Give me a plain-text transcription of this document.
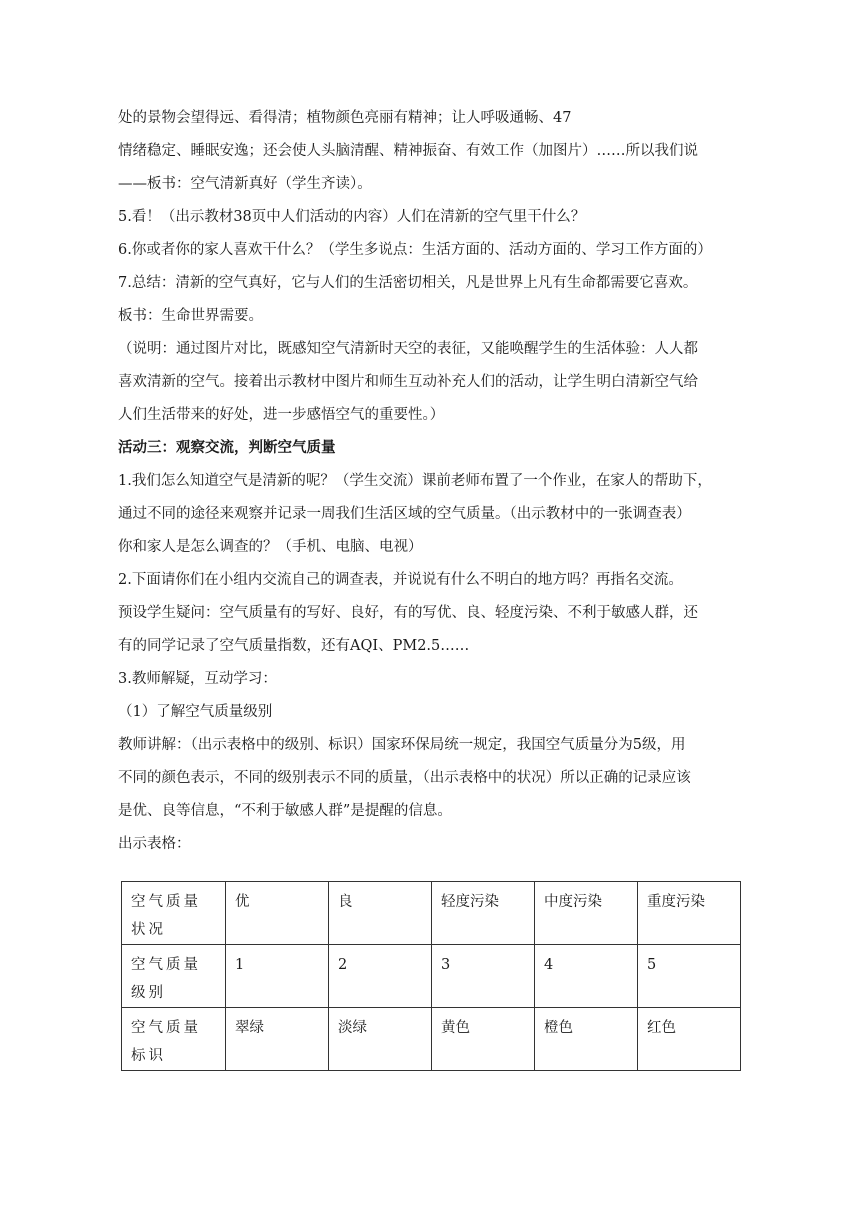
处的景物会望得远、看得清；植物颜色亮丽有精神；让人呼吸通畅、47

情绪稳定、睡眠安逸；还会使人头脑清醒、精神振奋、有效工作（加图片）……所以我们说

——板书：空气清新真好（学生齐读）。

5.看！（出示教材38页中人们活动的内容）人们在清新的空气里干什么？

6.你或者你的家人喜欢干什么？（学生多说点：生活方面的、活动方面的、学习工作方面的）

7.总结：清新的空气真好，它与人们的生活密切相关，凡是世界上凡有生命都需要它喜欢。

板书：生命世界需要。

（说明：通过图片对比，既感知空气清新时天空的表征，又能唤醒学生的生活体验：人人都

喜欢清新的空气。接着出示教材中图片和师生互动补充人们的活动，让学生明白清新空气给

人们生活带来的好处，进一步感悟空气的重要性。）

活动三：观察交流，判断空气质量

1.我们怎么知道空气是清新的呢？（学生交流）课前老师布置了一个作业，在家人的帮助下，

通过不同的途径来观察并记录一周我们生活区域的空气质量。（出示教材中的一张调查表）

你和家人是怎么调查的？（手机、电脑、电视）

2.下面请你们在小组内交流自己的调查表，并说说有什么不明白的地方吗？再指名交流。

预设学生疑问：空气质量有的写好、良好，有的写优、良、轻度污染、不利于敏感人群，还

有的同学记录了空气质量指数，还有AQI、PM2.5……

3.教师解疑，互动学习：

（1）了解空气质量级别

教师讲解：（出示表格中的级别、标识）国家环保局统一规定，我国空气质量分为5级，用

不同的颜色表示，不同的级别表示不同的质量，（出示表格中的状况）所以正确的记录应该

是优、良等信息，“不利于敏感人群”是提醒的信息。

出示表格：

空气质量状况	优	良	轻度污染	中度污染	重度污染
空气质量级别	1	2	3	4	5
空气质量标识	翠绿	淡绿	黄色	橙色	红色
